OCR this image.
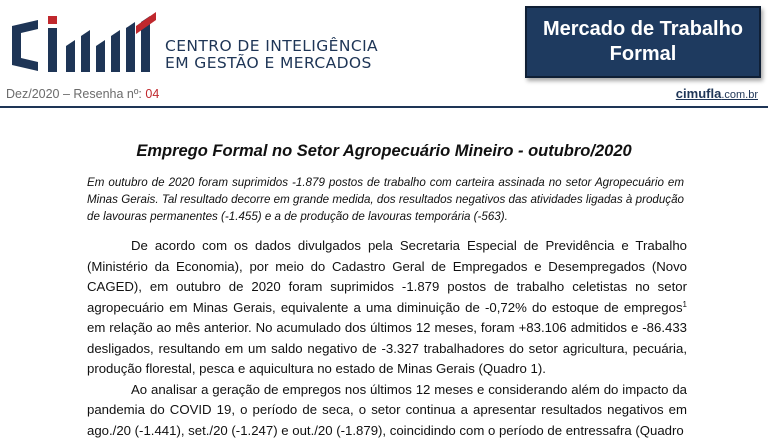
CENTRO DE INTELIGÊNCIA
EM GESTÃO E MERCADOS
Mercado de Trabalho
Formal
Dez/2020 – Resenha nº: 04	cimufla.com.br
Emprego Formal no Setor Agropecuário Mineiro - outubro/2020
Em outubro de 2020 foram suprimidos -1.879 postos de trabalho com carteira assinada no setor Agropecuário em Minas Gerais. Tal resultado decorre em grande medida, dos resultados negativos das atividades ligadas à produção de lavouras permanentes (-1.455) e a de produção de lavouras temporária (-563).

De acordo com os dados divulgados pela Secretaria Especial de Previdência e Trabalho (Ministério da Economia), por meio do Cadastro Geral de Empregados e Desempregados (Novo CAGED), em outubro de 2020 foram suprimidos -1.879 postos de trabalho celetistas no setor agropecuário em Minas Gerais, equivalente a uma diminuição de -0,72% do estoque de empregos$^1$ em relação ao mês anterior. No acumulado dos últimos 12 meses, foram +83.106 admitidos e -86.433 desligados, resultando em um saldo negativo de -3.327 trabalhadores do setor agricultura, pecuária, produção florestal, pesca e aquicultura no estado de Minas Gerais (Quadro 1).

Ao analisar a geração de empregos nos últimos 12 meses e considerando além do impacto da pandemia do COVID 19, o período de seca, o setor continua a apresentar resultados negativos em ago./20 (-1.441), set./20 (-1.247) e out./20 (-1.879), coincidindo com o período de entressafra (Quadro
